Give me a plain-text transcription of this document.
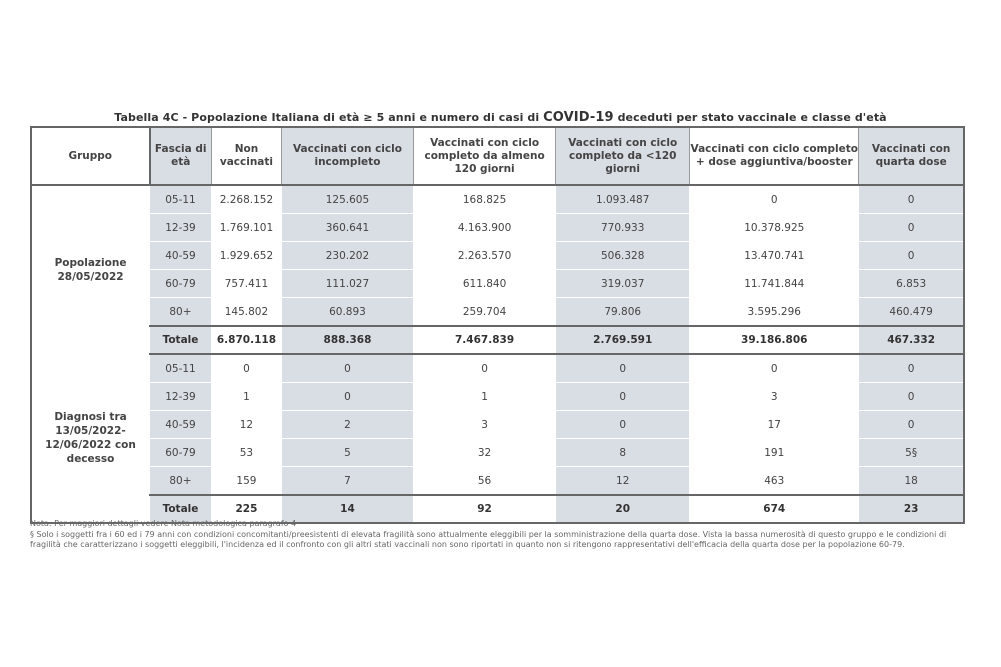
Tabella 4C - Popolazione Italiana di età ≥ 5 anni e numero di casi di COVID-19 deceduti per stato vaccinale e classe d'età
Gruppo	Fascia di età	Non vaccinati	Vaccinati con ciclo incompleto	Vaccinati con ciclo completo da almeno 120 giorni	Vaccinati con ciclo completo da <120 giorni	Vaccinati con ciclo completo + dose aggiuntiva/booster	Vaccinati con quarta dose
Popolazione 28/05/2022	05-11	2.268.152	125.605	168.825	1.093.487	0	0
	12-39	1.769.101	360.641	4.163.900	770.933	10.378.925	0
	40-59	1.929.652	230.202	2.263.570	506.328	13.470.741	0
	60-79	757.411	111.027	611.840	319.037	11.741.844	6.853
	80+	145.802	60.893	259.704	79.806	3.595.296	460.479
	Totale	6.870.118	888.368	7.467.839	2.769.591	39.186.806	467.332
Diagnosi tra 13/05/2022-12/06/2022 con decesso	05-11	0	0	0	0	0	0
	12-39	1	0	1	0	3	0
	40-59	12	2	3	0	17	0
	60-79	53	5	32	8	191	5§
	80+	159	7	56	12	463	18
	Totale	225	14	92	20	674	23
Nota: Per maggiori dettagli vedere Nota metodologica paragrafo 4
§ Solo i soggetti fra i 60 ed i 79 anni con condizioni concomitanti/preesistenti di elevata fragilità sono attualmente eleggibili per la somministrazione della quarta dose. Vista la bassa numerosità di questo gruppo e le condizioni di fragilità che caratterizzano i soggetti eleggibili, l'incidenza ed il confronto con gli altri stati vaccinali non sono riportati in quanto non si ritengono rappresentativi dell'efficacia della quarta dose per la popolazione 60-79.
